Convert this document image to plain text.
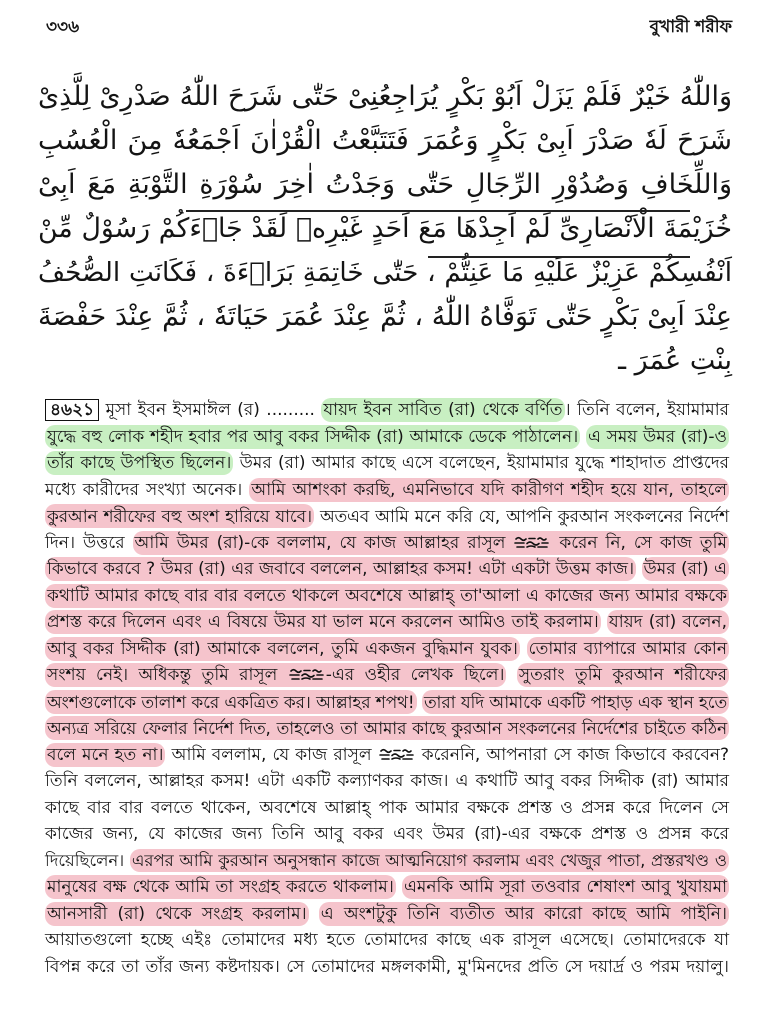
৩৩৬	বুখারী শরীফ
وَاللّٰهُ خَيْرٌ فَلَمْ يَزَلْ اَبُوْ بَكْرٍ يُرَاجِعُنِىْ حَتّٰى شَرَحَ اللّٰهُ صَدْرِىْ لِلَّذِىْ
شَرَحَ لَهٗ صَدْرَ اَبِىْ بَكْرٍ وَعُمَرَ فَتَتَبَّعْتُ الْقُرْاٰنَ اَجْمَعُهٗ مِنَ الْعُسُبِ
وَاللِّخَافِ وَصُدُوْرِ الرِّجَالِ حَتّٰى وَجَدْتُ اٰخِرَ سُوْرَةِ التَّوْبَةِ مَعَ اَبِىْ
خُزَيْمَةَ الْاَنْصَارِىِّ لَمْ اَجِدْهَا مَعَ اَحَدٍ غَيْرِهٖ لَقَدْ جَاۤءَكُمْ رَسُوْلٌ مِّنْ
اَنْفُسِكُمْ عَزِيْزٌ عَلَيْهِ مَا عَنِتُّمْ ، حَتّٰى خَاتِمَةِ بَرَاۤءَةَ ، فَكَانَتِ الصُّحُفُ
عِنْدَ اَبِىْ بَكْرٍ حَتّٰى تَوَفَّاهُ اللّٰهُ ، ثُمَّ عِنْدَ عُمَرَ حَيَاتَهٗ ، ثُمَّ عِنْدَ حَفْصَةَ
بِنْتِ عُمَرَ ـ
৪৬২১ মূসা ইবন ইসমাঈল (র) ......... যায়দ ইবন সাবিত (রা) থেকে বর্ণিত । তিনি বলেন, ইয়ামামার
যুদ্ধে বহু লোক শহীদ হবার পর আবু বকর সিদ্দীক (রা) আমাকে ডেকে পাঠালেন। এ সময় উমর (রা)-ও
তাঁর কাছে উপস্থিত ছিলেন। উমর (রা) আমার কাছে এসে বলেছেন, ইয়ামামার যুদ্ধে শাহাদাত প্রাপ্তদের
মধ্যে কারীদের সংখ্যা অনেক। আমি আশংকা করছি, এমনিভাবে যদি কারীগণ শহীদ হয়ে যান, তাহলে
কুরআন শরীফের বহু অংশ হারিয়ে যাবে। অতএব আমি মনে করি যে, আপনি কুরআন সংকলনের নির্দেশ
দিন। উত্তরে আমি উমর (রা)-কে বললাম, যে কাজ আল্লাহর রাসূল
করেন নি, সে কাজ তুমি
কিভাবে করবে ? উমর (রা) এর জবাবে বললেন, আল্লাহর কসম! এটা একটা উত্তম কাজ। উমর (রা) এ
কথাটি আমার কাছে বার বার বলতে থাকলে অবশেষে আল্লাহ্ তা'আলা এ কাজের জন্য আমার বক্ষকে
প্রশস্ত করে দিলেন এবং এ বিষয়ে উমর যা ভাল মনে করলেন আমিও তাই করলাম। যায়দ (রা) বলেন,
আবু বকর সিদ্দীক (রা) আমাকে বললেন, তুমি একজন বুদ্ধিমান যুবক। তোমার ব্যাপারে আমার কোন
সংশয় নেই। অধিকন্তু তুমি রাসূল
-এর ওহীর লেখক ছিলে। সুতরাং তুমি কুরআন শরীফের
অংশগুলোকে তালাশ করে একত্রিত কর। আল্লাহর শপথ! তারা যদি আমাকে একটি পাহাড় এক স্থান হতে
অন্যত্র সরিয়ে ফেলার নির্দেশ দিত, তাহলেও তা আমার কাছে কুরআন সংকলনের নির্দেশের চাইতে কঠিন
বলে মনে হত না। আমি বললাম, যে কাজ রাসূল
করেননি, আপনারা সে কাজ কিভাবে করবেন?
তিনি বললেন, আল্লাহর কসম! এটা একটি কল্যাণকর কাজ। এ কথাটি আবু বকর সিদ্দীক (রা) আমার
কাছে বার বার বলতে থাকেন, অবশেষে আল্লাহ্ পাক আমার বক্ষকে প্রশস্ত ও প্রসন্ন করে দিলেন সে
কাজের জন্য, যে কাজের জন্য তিনি আবু বকর এবং উমর (রা)-এর বক্ষকে প্রশস্ত ও প্রসন্ন করে
দিয়েছিলেন। এরপর আমি কুরআন অনুসন্ধান কাজে আত্মনিয়োগ করলাম এবং খেজুর পাতা, প্রস্তরখণ্ড ও
মানুষের বক্ষ থেকে আমি তা সংগ্রহ করতে থাকলাম। এমনকি আমি সূরা তওবার শেষাংশ আবু খুযায়মা
আনসারী (রা) থেকে সংগ্রহ করলাম। এ অংশটুকু তিনি ব্যতীত আর কারো কাছে আমি পাইনি।
আয়াতগুলো হচ্ছে এইঃ তোমাদের মধ্য হতে তোমাদের কাছে এক রাসূল এসেছে। তোমাদেরকে যা
বিপন্ন করে তা তাঁর জন্য কষ্টদায়ক। সে তোমাদের মঙ্গলকামী, মু'মিনদের প্রতি সে দয়ার্দ্র ও পরম দয়ালু।
